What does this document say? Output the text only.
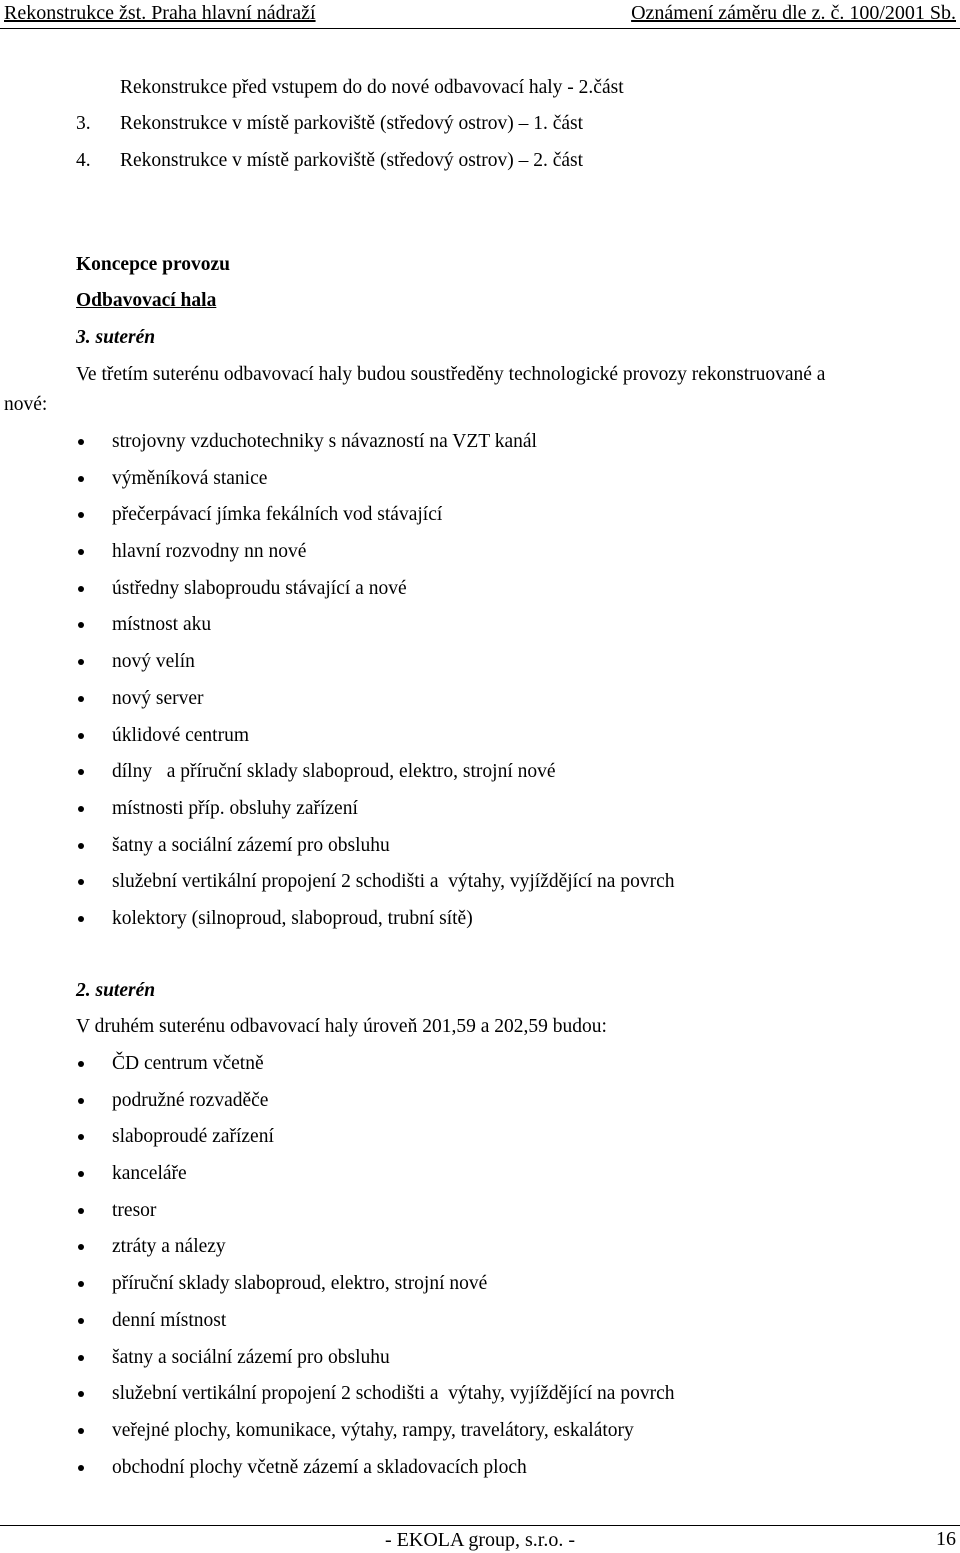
Rekonstrukce žst. Praha hlavní nádraží	Oznámení záměru dle z. č. 100/2001 Sb.
Rekonstrukce před vstupem do do nové odbavovací haly - 2.část
3. Rekonstrukce v místě parkoviště (středový ostrov) – 1. část
4. Rekonstrukce v místě parkoviště (středový ostrov) – 2. část
Koncepce provozu
Odbavovací hala
3. suterén
Ve třetím suterénu odbavovací haly budou soustředěny technologické provozy rekonstruované a
nové:
strojovny vzduchotechniky s návazností na VZT kanál
výměníková stanice
přečerpávací jímka fekálních vod stávající
hlavní rozvodny nn nové
ústředny slaboproudu stávající a nové
místnost aku
nový velín
nový server
úklidové centrum
dílny   a příruční sklady slaboproud, elektro, strojní nové
místnosti příp. obsluhy zařízení
šatny a sociální zázemí pro obsluhu
služební vertikální propojení 2 schodišti a  výtahy, vyjíždějící na povrch
kolektory (silnoproud, slaboproud, trubní sítě)
2. suterén
V druhém suterénu odbavovací haly úroveň 201,59 a 202,59 budou:
ČD centrum včetně
podružné rozvaděče
slaboproudé zařízení
kanceláře
tresor
ztráty a nálezy
příruční sklady slaboproud, elektro, strojní nové
denní místnost
šatny a sociální zázemí pro obsluhu
služební vertikální propojení 2 schodišti a  výtahy, vyjíždějící na povrch
veřejné plochy, komunikace, výtahy, rampy, travelátory, eskalátory
obchodní plochy včetně zázemí a skladovacích ploch
- EKOLA group, s.r.o. -	16
